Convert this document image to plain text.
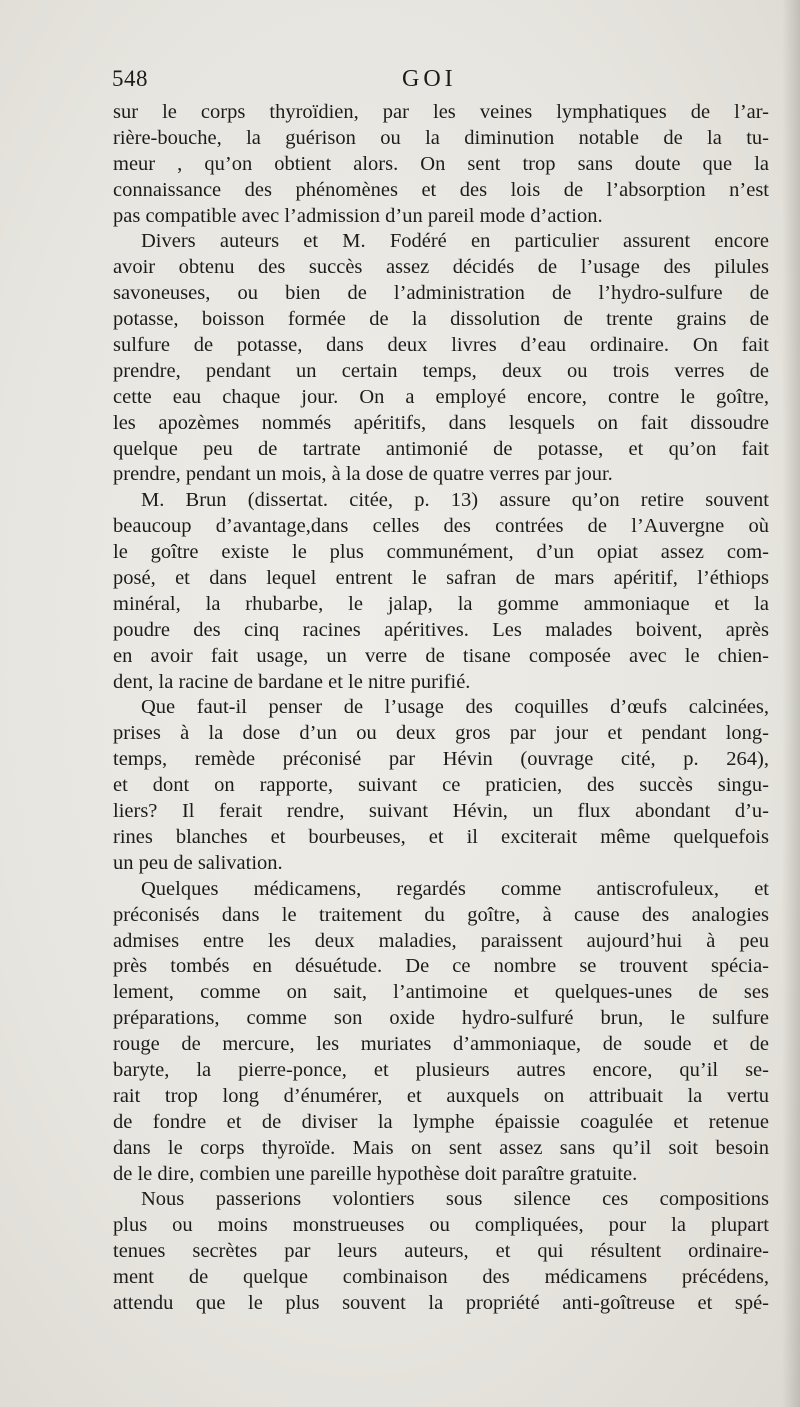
548	GOI
sur le corps thyroïdien, par les veines lymphatiques de l’ar-
rière-bouche, la guérison ou la diminution notable de la tu-
meur , qu’on obtient alors. On sent trop sans doute que la
connaissance des phénomènes et des lois de l’absorption n’est
pas compatible avec l’admission d’un pareil mode d’action.
Divers auteurs et M. Fodéré en particulier assurent encore
avoir obtenu des succès assez décidés de l’usage des pilules
savoneuses, ou bien de l’administration de l’hydro-sulfure de
potasse, boisson formée de la dissolution de trente grains de
sulfure de potasse, dans deux livres d’eau ordinaire. On fait
prendre, pendant un certain temps, deux ou trois verres de
cette eau chaque jour. On a employé encore, contre le goître,
les apozèmes nommés apéritifs, dans lesquels on fait dissoudre
quelque peu de tartrate antimonié de potasse, et qu’on fait
prendre, pendant un mois, à la dose de quatre verres par jour.
M. Brun (dissertat. citée, p. 13) assure qu’on retire souvent
beaucoup d’avantage,dans celles des contrées de l’Auvergne où
le goître existe le plus communément, d’un opiat assez com-
posé, et dans lequel entrent le safran de mars apéritif, l’éthiops
minéral, la rhubarbe, le jalap, la gomme ammoniaque et la
poudre des cinq racines apéritives. Les malades boivent, après
en avoir fait usage, un verre de tisane composée avec le chien-
dent, la racine de bardane et le nitre purifié.
Que faut-il penser de l’usage des coquilles d’œufs calcinées,
prises à la dose d’un ou deux gros par jour et pendant long-
temps, remède préconisé par Hévin (ouvrage cité, p. 264),
et dont on rapporte, suivant ce praticien, des succès singu-
liers? Il ferait rendre, suivant Hévin, un flux abondant d’u-
rines blanches et bourbeuses, et il exciterait même quelquefois
un peu de salivation.
Quelques médicamens, regardés comme antiscrofuleux, et
préconisés dans le traitement du goître, à cause des analogies
admises entre les deux maladies, paraissent aujourd’hui à peu
près tombés en désuétude. De ce nombre se trouvent spécia-
lement, comme on sait, l’antimoine et quelques-unes de ses
préparations, comme son oxide hydro-sulfuré brun, le sulfure
rouge de mercure, les muriates d’ammoniaque, de soude et de
baryte, la pierre-ponce, et plusieurs autres encore, qu’il se-
rait trop long d’énumérer, et auxquels on attribuait la vertu
de fondre et de diviser la lymphe épaissie coagulée et retenue
dans le corps thyroïde. Mais on sent assez sans qu’il soit besoin
de le dire, combien une pareille hypothèse doit paraître gratuite.
Nous passerions volontiers sous silence ces compositions
plus ou moins monstrueuses ou compliquées, pour la plupart
tenues secrètes par leurs auteurs, et qui résultent ordinaire-
ment de quelque combinaison des médicamens précédens,
attendu que le plus souvent la propriété anti-goîtreuse et spé-
